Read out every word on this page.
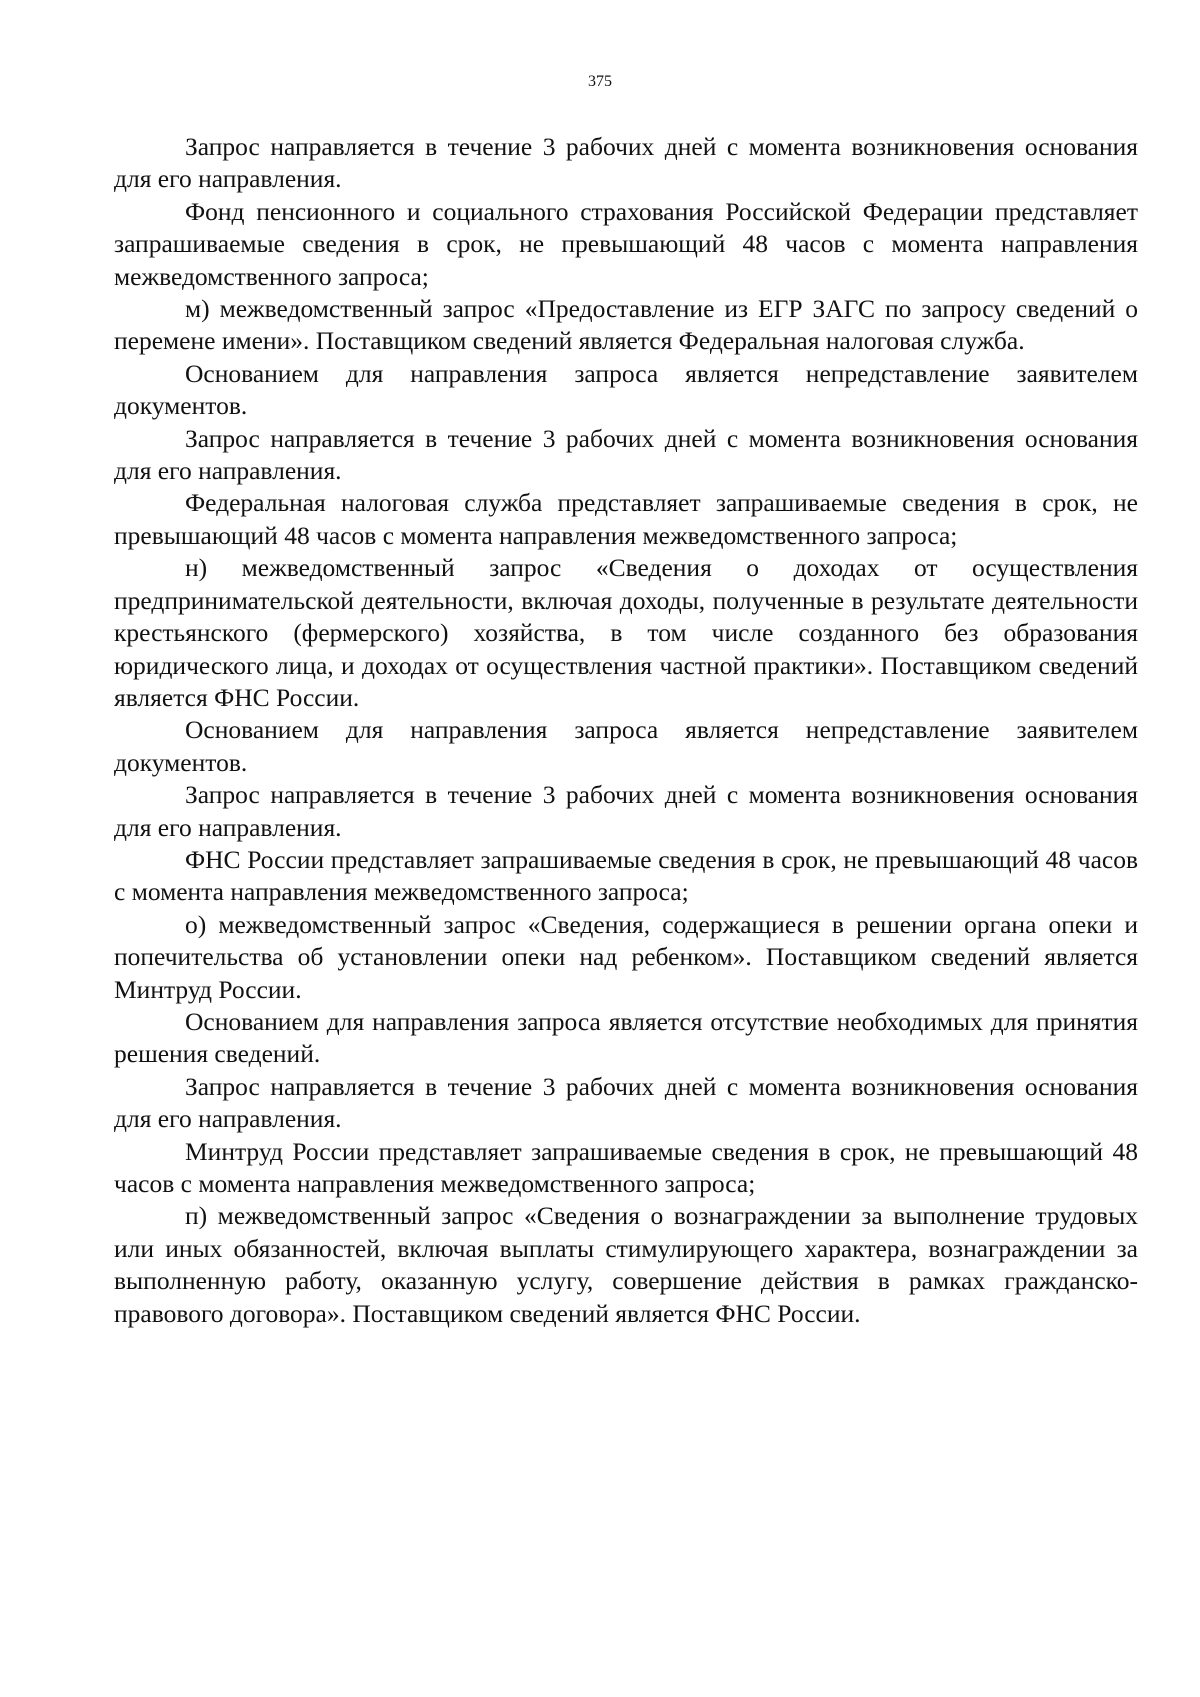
375

Запрос направляется в течение 3 рабочих дней с момента возникновения основания для его направления.

Фонд пенсионного и социального страхования Российской Федерации представляет запрашиваемые сведения в срок, не превышающий 48 часов с момента направления межведомственного запроса;

м) межведомственный запрос «Предоставление из ЕГР ЗАГС по запросу сведений о перемене имени». Поставщиком сведений является Федеральная налоговая служба.

Основанием для направления запроса является непредставление заявителем документов.

Запрос направляется в течение 3 рабочих дней с момента возникновения основания для его направления.

Федеральная налоговая служба представляет запрашиваемые сведения в срок, не превышающий 48 часов с момента направления межведомственного запроса;

н) межведомственный запрос «Сведения о доходах от осуществления предпринимательской деятельности, включая доходы, полученные в результате деятельности крестьянского (фермерского) хозяйства, в том числе созданного без образования юридического лица, и доходах от осуществления частной практики». Поставщиком сведений является ФНС России.

Основанием для направления запроса является непредставление заявителем документов.

Запрос направляется в течение 3 рабочих дней с момента возникновения основания для его направления.

ФНС России представляет запрашиваемые сведения в срок, не превышающий 48 часов с момента направления межведомственного запроса;

о) межведомственный запрос «Сведения, содержащиеся в решении органа опеки и попечительства об установлении опеки над ребенком». Поставщиком сведений является Минтруд России.

Основанием для направления запроса является отсутствие необходимых для принятия решения сведений.

Запрос направляется в течение 3 рабочих дней с момента возникновения основания для его направления.

Минтруд России представляет запрашиваемые сведения в срок, не превышающий 48 часов с момента направления межведомственного запроса;

п) межведомственный запрос «Сведения о вознаграждении за выполнение трудовых или иных обязанностей, включая выплаты стимулирующего характера, вознаграждении за выполненную работу, оказанную услугу, совершение действия в рамках гражданско-правового договора». Поставщиком сведений является ФНС России.
